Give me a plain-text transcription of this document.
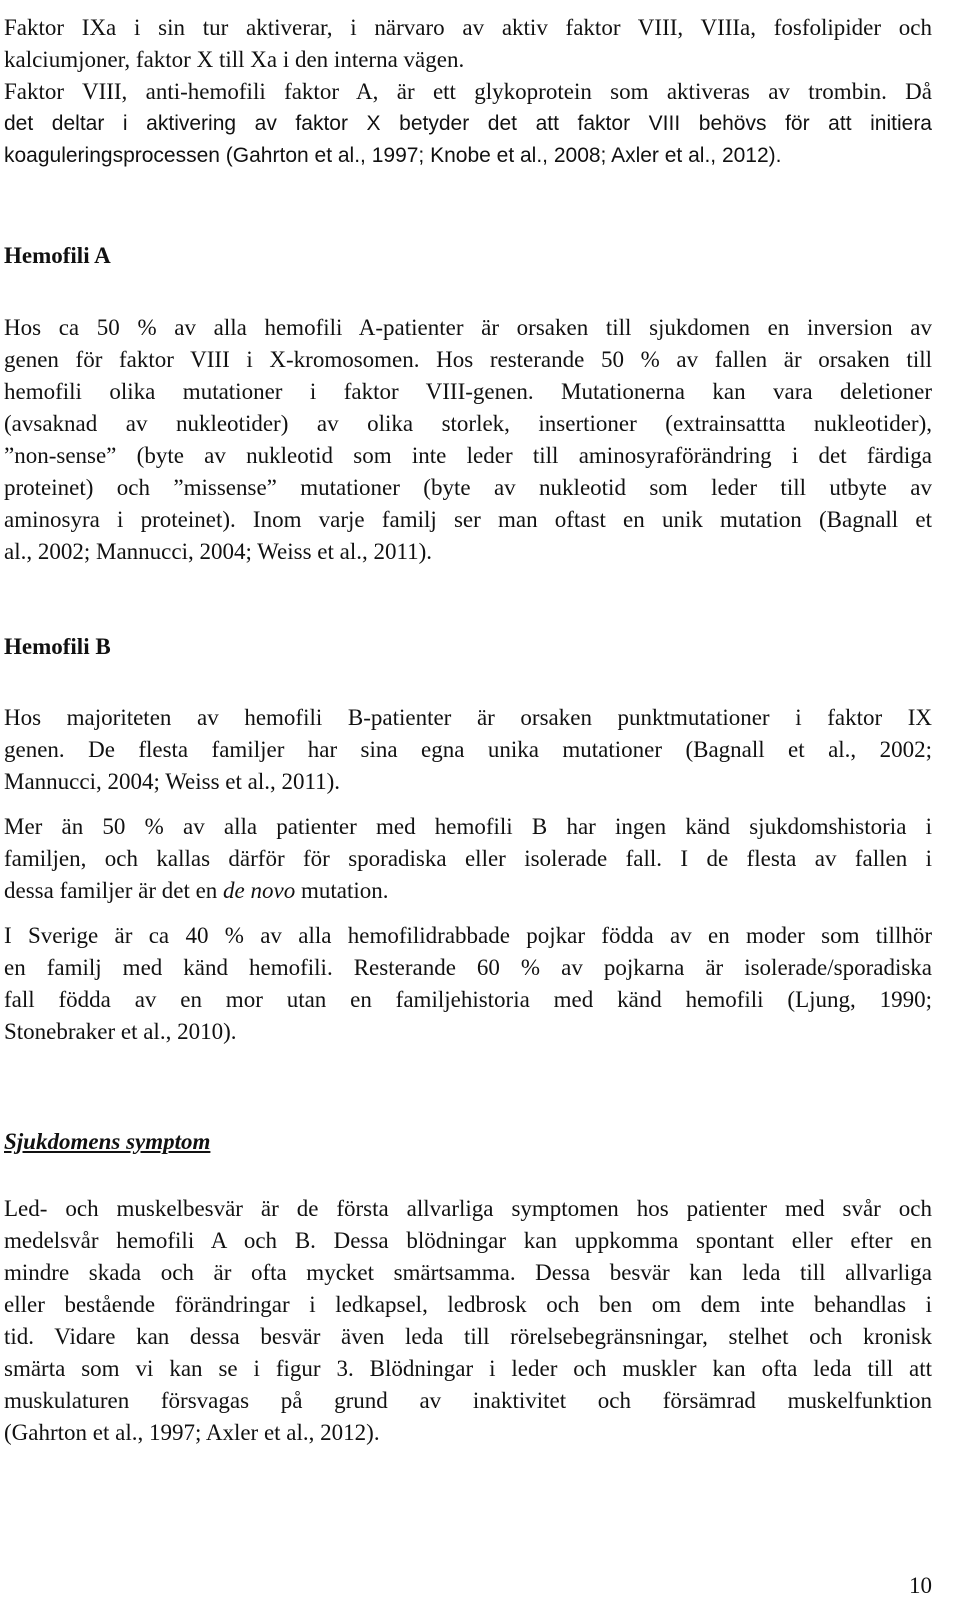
Faktor IXa i sin tur aktiverar, i närvaro av aktiv faktor VIII, VIIIa, fosfolipider och
kalciumjoner, faktor X till Xa i den interna vägen.
Faktor VIII, anti-hemofili faktor A, är ett glykoprotein som aktiveras av trombin. Då
det deltar i aktivering av faktor X betyder det att faktor VIII behövs för att initiera
koaguleringsprocessen (Gahrton et al., 1997; Knobe et al., 2008; Axler et al., 2012).
Hemofili A
Hos ca 50 % av alla hemofili A-patienter är orsaken till sjukdomen en inversion av
genen för faktor VIII i X-kromosomen. Hos resterande 50 % av fallen är orsaken till
hemofili olika mutationer i faktor VIII-genen. Mutationerna kan vara deletioner
(avsaknad av nukleotider) av olika storlek, insertioner (extrainsattta nukleotider),
”non-sense” (byte av nukleotid som inte leder till aminosyraförändring i det färdiga
proteinet) och ”missense” mutationer (byte av nukleotid som leder till utbyte av
aminosyra i proteinet). Inom varje familj ser man oftast en unik mutation (Bagnall et
al., 2002; Mannucci, 2004; Weiss et al., 2011).
Hemofili B
Hos majoriteten av hemofili B-patienter är orsaken punktmutationer i faktor IX
genen. De flesta familjer har sina egna unika mutationer (Bagnall et al., 2002;
Mannucci, 2004; Weiss et al., 2011).
Mer än 50 % av alla patienter med hemofili B har ingen känd sjukdomshistoria i
familjen, och kallas därför för sporadiska eller isolerade fall. I de flesta av fallen i
dessa familjer är det en de novo mutation.
I Sverige är ca 40 % av alla hemofilidrabbade pojkar födda av en moder som tillhör
en familj med känd hemofili. Resterande 60 % av pojkarna är isolerade/sporadiska
fall födda av en mor utan en familjehistoria med känd hemofili (Ljung, 1990;
Stonebraker et al., 2010).
Sjukdomens symptom
Led- och muskelbesvär är de första allvarliga symptomen hos patienter med svår och
medelsvår hemofili A och B. Dessa blödningar kan uppkomma spontant eller efter en
mindre skada och är ofta mycket smärtsamma. Dessa besvär kan leda till allvarliga
eller bestående förändringar i ledkapsel, ledbrosk och ben om dem inte behandlas i
tid. Vidare kan dessa besvär även leda till rörelsebegränsningar, stelhet och kronisk
smärta som vi kan se i figur 3. Blödningar i leder och muskler kan ofta leda till att
muskulaturen försvagas på grund av inaktivitet och försämrad muskelfunktion
(Gahrton et al., 1997; Axler et al., 2012).
10
